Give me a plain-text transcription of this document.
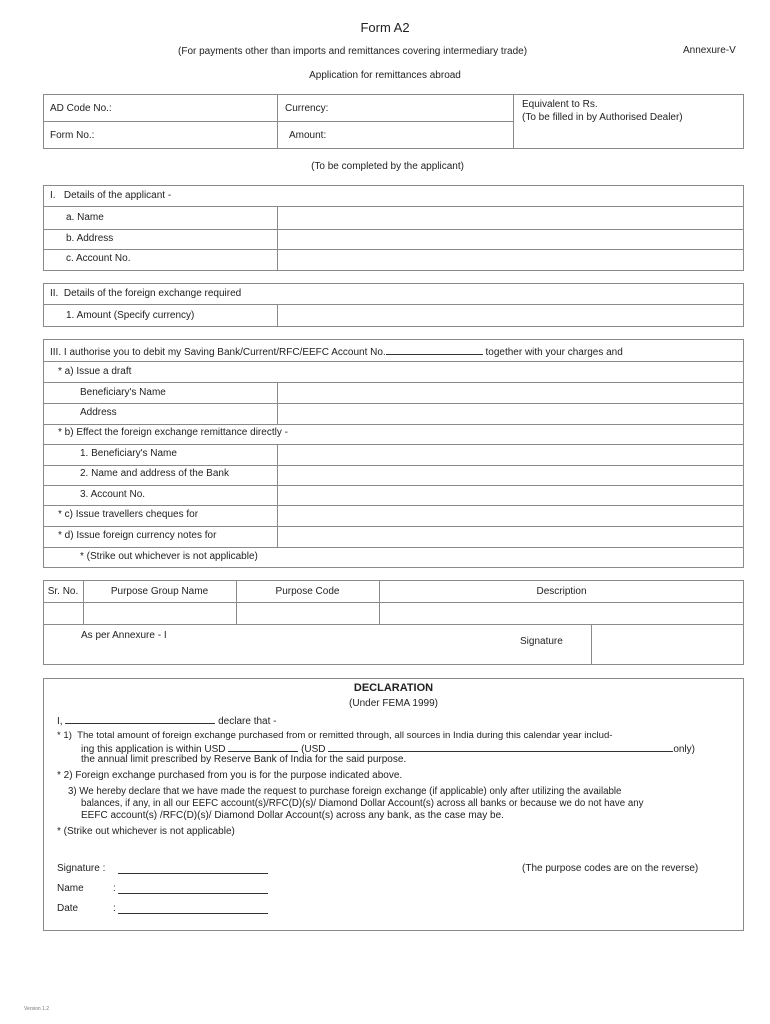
Form A2
(For payments other than imports and remittances covering intermediary trade)	Annexure-V
Application for remittances abroad
AD Code No.:	Currency:	Equivalent to Rs.
(To be filled in by Authorised Dealer)
Form No.:	Amount:
(To be completed by the applicant)
I.   Details of the applicant -
a. Name
b. Address
c. Account No.
II.  Details of the foreign exchange required
1. Amount (Specify currency)
III. I authorise you to debit my Saving Bank/Current/RFC/EEFC Account No.	together with your charges and
* a) Issue a draft
Beneficiary's Name
Address
* b) Effect the foreign exchange remittance directly -
1. Beneficiary's Name
2. Name and address of the Bank
3. Account No.
* c) Issue travellers cheques for
* d) Issue foreign currency notes for
* (Strike out whichever is not applicable)
Sr. No.	Purpose Group Name	Purpose Code	Description
As per Annexure - I
Signature
DECLARATION
(Under FEMA 1999)
I,	declare that -
* 1)  The total amount of foreign exchange purchased from or remitted through, all sources in India during this calendar year includ-
ing this application is within USD	(USD	only)
the annual limit prescribed by Reserve Bank of India for the said purpose.
* 2) Foreign exchange purchased from you is for the purpose indicated above.
3) We hereby declare that we have made the request to purchase foreign exchange (if applicable) only after utilizing the available
balances, if any, in all our EEFC account(s)/RFC(D)(s)/ Diamond Dollar Account(s) across all banks or because we do not have any
EEFC account(s) /RFC(D)(s)/ Diamond Dollar Account(s) across any bank, as the case may be.
* (Strike out whichever is not applicable)
Signature :	(The purpose codes are on the reverse)
Name	:
Date	:
Version 1.2
